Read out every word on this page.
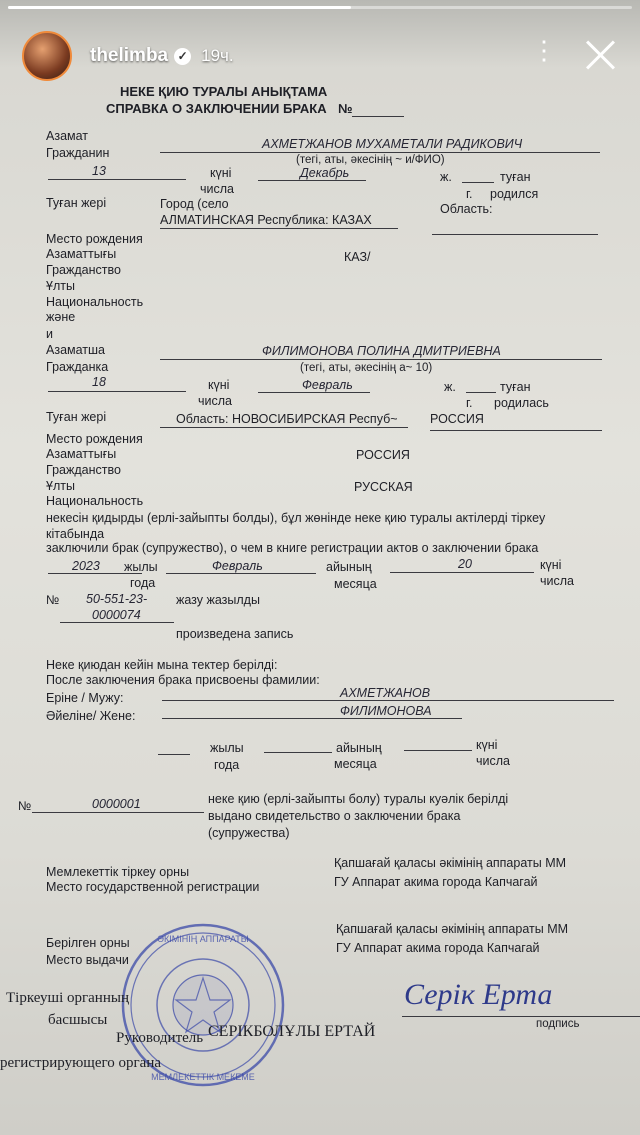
НЕКЕ ҚИЮ ТУРАЛЫ АНЫҚТАМА
СПРАВКА О ЗАКЛЮЧЕНИИ БРАКА №
Азамат
Гражданин
АХМЕТЖАНОВ МУХАМЕТАЛИ РАДИКОВИЧ
(тегі, аты, әкесінің ~ и/ФИО)
13	күні	Декабрь	ж.	туған
числа	г. родился
Туған жері	Город (село	Область:
АЛМАТИНСКАЯ Республика: КАЗАХ
Место рождения
Азаматтығы	КАЗ/
Гражданство
Ұлты
Национальность
және
и
Азаматша	ФИЛИМОНОВА ПОЛИНА ДМИТРИЕВНА
Гражданка	(тегі, аты, әкесінің а~ 10)
18	күні	Февраль	ж.	туған
числа	г. родилась
Туған жері	Область: НОВОСИБИРСКАЯ Респуб~	РОССИЯ
Место рождения
Азаматтығы	РОССИЯ
Гражданство
Ұлты	РУССКАЯ
Национальность
некесін қидырды (ерлі-зайыпты болды), бұл жөнінде неке қию туралы актілерді тіркеу кітабында
заключили брак (супружество), о чем в книге регистрации актов о заключении брака
2023 жылы	Февраль	айының	20	күні
года	месяца	числа
№ 50-551-23-
0000074
жазу жазылды
произведена запись
Неке қиюдан кейін мына тектер берілді:
После заключения брака присвоены фамилии:
Еріне / Мужу:	АХМЕТЖАНОВ
Әйеліне/ Жене:	ФИЛИМОНОВА
жылы	айының	күні
года	месяца	числа
№	0000001	неке қию (ерлі-зайыпты болу) туралы куәлік берілді
выдано свидетельство о заключении брака
(супружества)
Мемлекеттік тіркеу орны
Место государственной регистрации
Қапшағай қаласы әкімінің аппараты ММ
ГУ Аппарат акима города Капчагай
Берілген орны
Место выдачи
Қапшағай қаласы әкімінің аппараты ММ
ГУ Аппарат акима города Капчагай
ӘКІМІНІҢ АППАРАТЫ
МЕМЛЕКЕТТІК МЕКЕМЕ
Тіркеуші органның
басшысы
Руководитель СЕРІКБОЛҰЛЫ ЕРТАЙ
регистрирующего органа
подпись
Серік Ерта
thelimba ✓ 19ч.	⋮
